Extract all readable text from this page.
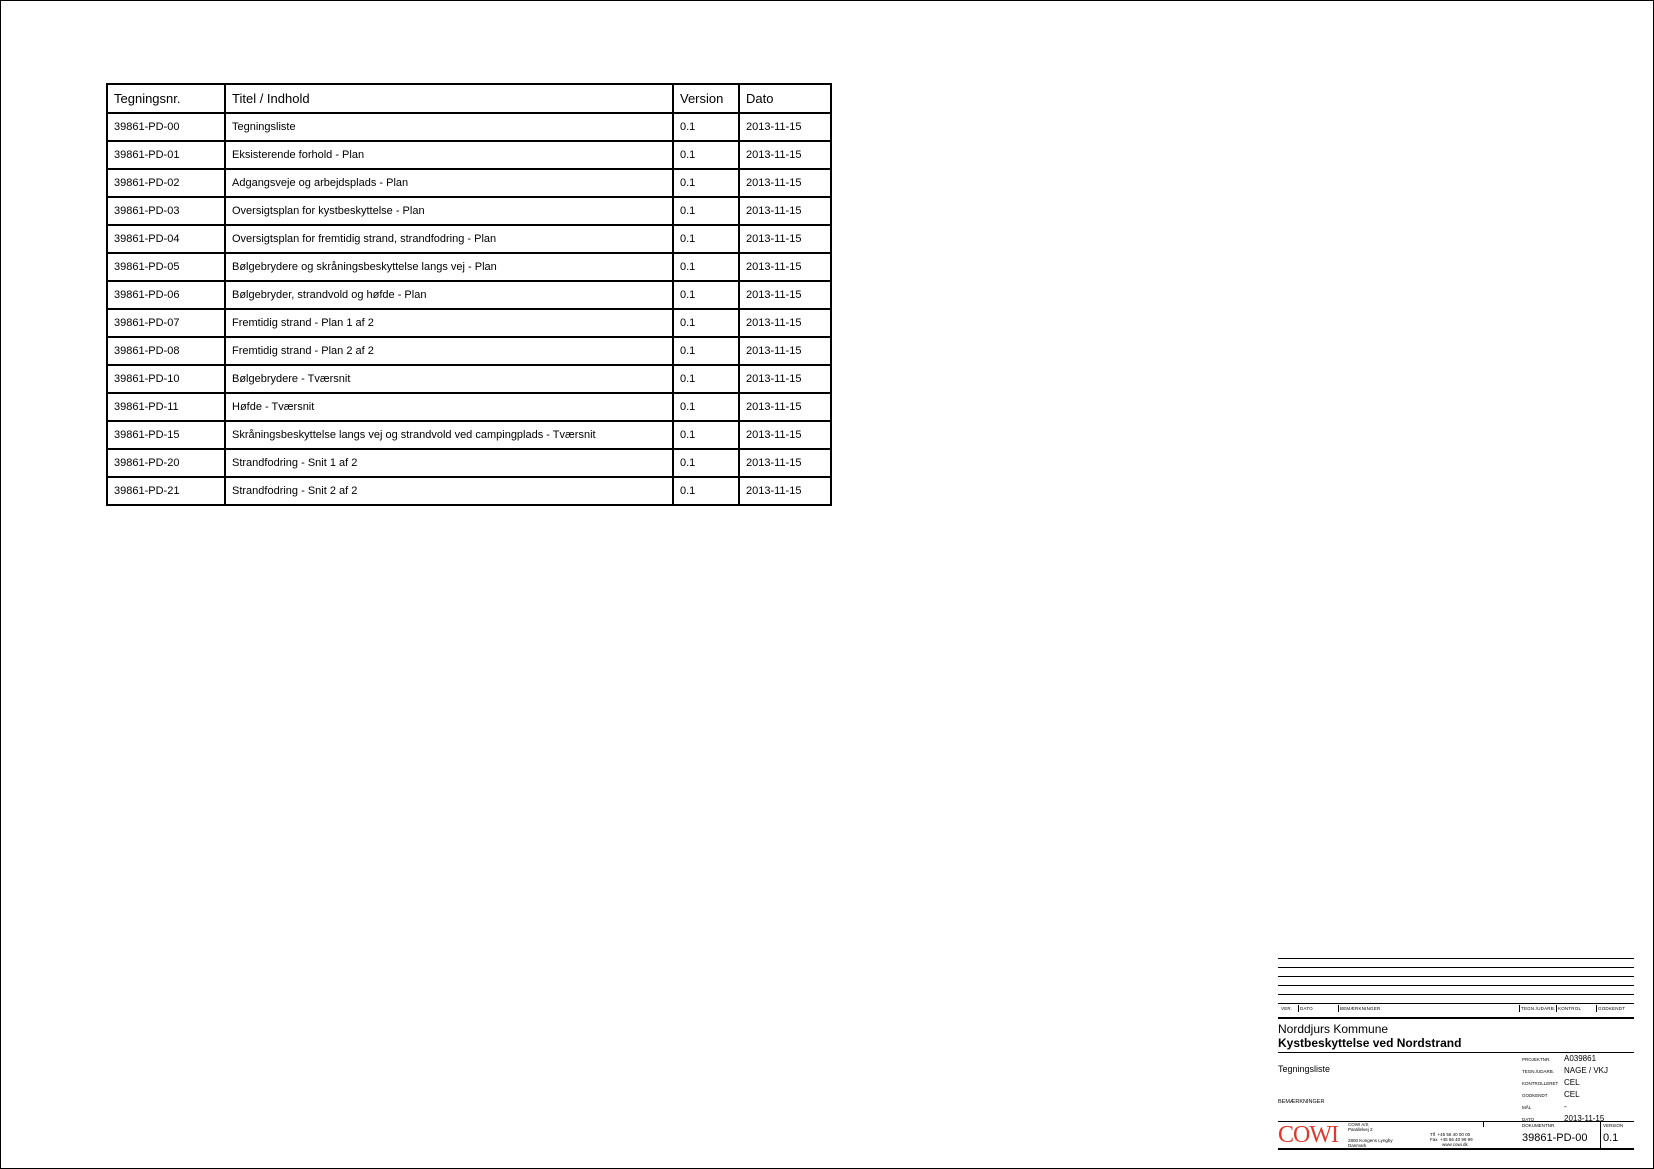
Tegningsnr.	Titel / Indhold	Version	Dato
39861-PD-00	Tegningsliste	0.1	2013-11-15
39861-PD-01	Eksisterende forhold - Plan	0.1	2013-11-15
39861-PD-02	Adgangsveje og arbejdsplads - Plan	0.1	2013-11-15
39861-PD-03	Oversigtsplan for kystbeskyttelse - Plan	0.1	2013-11-15
39861-PD-04	Oversigtsplan for fremtidig strand, strandfodring - Plan	0.1	2013-11-15
39861-PD-05	Bølgebrydere og skråningsbeskyttelse langs vej - Plan	0.1	2013-11-15
39861-PD-06	Bølgebryder, strandvold og høfde - Plan	0.1	2013-11-15
39861-PD-07	Fremtidig strand - Plan 1 af 2	0.1	2013-11-15
39861-PD-08	Fremtidig strand - Plan 2 af 2	0.1	2013-11-15
39861-PD-10	Bølgebrydere - Tværsnit	0.1	2013-11-15
39861-PD-11	Høfde - Tværsnit	0.1	2013-11-15
39861-PD-15	Skråningsbeskyttelse langs vej og strandvold ved campingplads - Tværsnit	0.1	2013-11-15
39861-PD-20	Strandfodring - Snit 1 af 2	0.1	2013-11-15
39861-PD-21	Strandfodring - Snit 2 af 2	0.1	2013-11-15
VER. DATO	BEMÆRKNINGER	TEGN./UDARB. KONTROL	GODKENDT
Norddjurs Kommune
Kystbeskyttelse ved Nordstrand
Tegningsliste
BEMÆRKNINGER
PROJEKTNR. A039861
TEGN./UDARB. NAGE / VKJ
KONTROLLERET CEL
GODKENDT CEL
MÅL	-
DATO	2013-11-15
DOKUMENTNR.	VERSION
39861-PD-00 0.1
COWI COWI A/S
Parallelvej 2
2800 Kongens Lyngby
Danmark
Tlf +45 56 40 00 00
Fax +45 56 40 99 99
www.cowi.dk
